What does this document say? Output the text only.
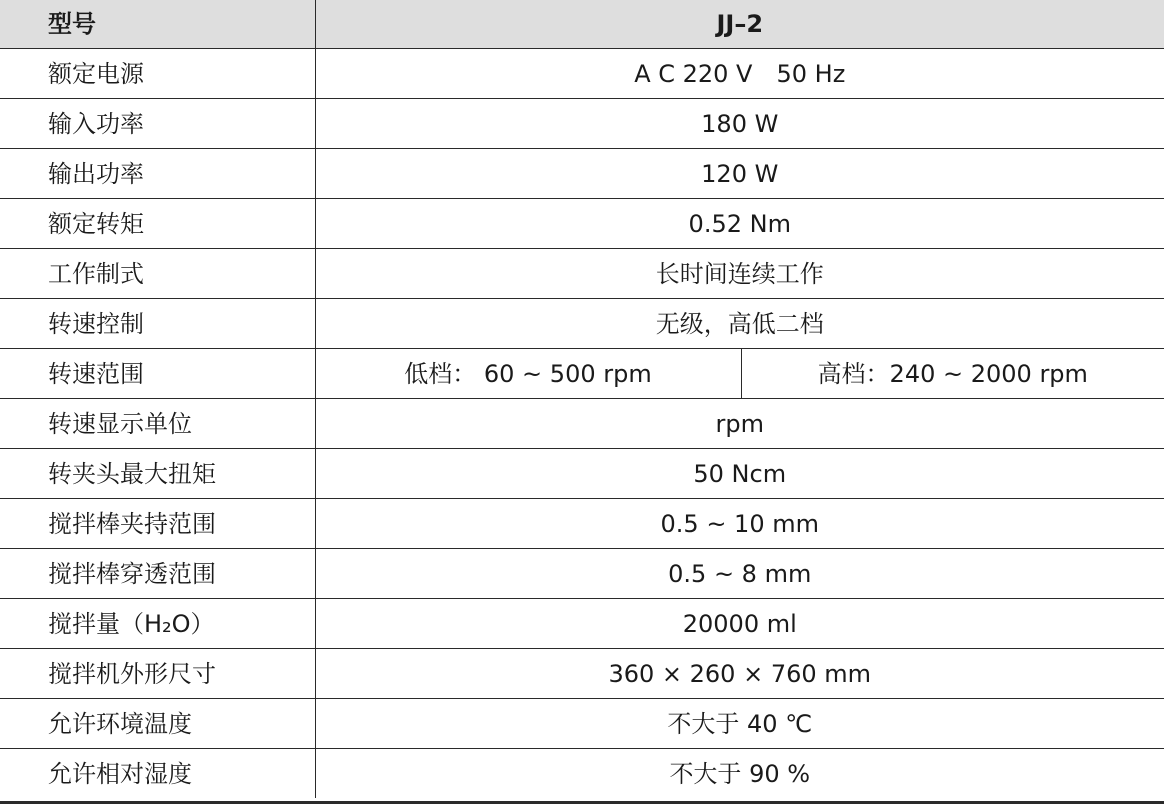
型号	JJ–2	
额定电源	A C 220 V　50 Hz	
输入功率	180 W	
输出功率	120 W	
额定转矩	0.52 Nm	
工作制式	长时间连续工作	
转速控制	无级，高低二档	
转速范围	低档： 60 ~ 500 rpm	高档：240 ~ 2000 rpm
转速显示单位	rpm	
转夹头最大扭矩	50 Ncm	
搅拌棒夹持范围	0.5 ~ 10 mm	
搅拌棒穿透范围	0.5 ~ 8 mm	
搅拌量（H₂O）	20000 ml	
搅拌机外形尺寸	360 × 260 × 760 mm	
允许环境温度	不大于 40 ℃	
允许相对湿度	不大于 90 %	
